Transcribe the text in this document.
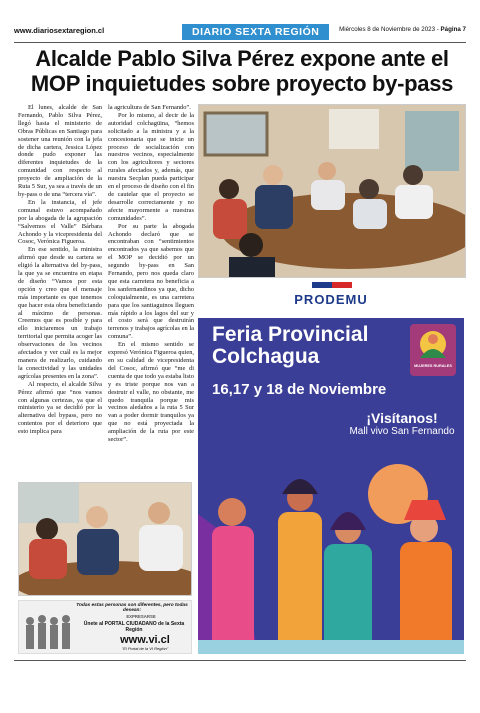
www.diariosextaregion.cl	DIARIO SEXTA REGIÓN	Miércoles 8 de Noviembre de 2023 - Página 7
Alcalde Pablo Silva Pérez expone ante el MOP inquietudes sobre proyecto by-pass

El lunes, alcalde de San Fernando, Pablo Silva Pérez, llegó hasta el ministerio de Obras Públicas en Santiago para sostener una reunión con la jefa de dicha cartera, Jessica López donde pudo exponer las diferentes inquietudes de la comunidad con respecto al proyecto de ampliación de la Ruta 5 Sur, ya sea a través de un by-pass o de una “tercera vía”.

En la instancia, el jefe comunal estuvo acompañado por la abogada de la agrupación “Salvemos el Valle” Bárbara Achondo y la vicepresidenta del Cosoc, Verónica Figueroa.

En ese sentido, la ministra afirmó que desde su cartera se eligió la alternativa del by-pass, la que ya se encuentra en etapa de diseño “Vamos por esta opción y creo que el mensaje más importante es que tenemos que hacer esta obra beneficiando al máximo de personas. Creemos que es posible y para ello iniciaremos un trabajo territorial que permita acoger las observaciones de los vecinos afectados y ver cuál es la mejor manera de realizarlo, cuidando la conectividad y las unidades agrícolas presentes en la zona”.

Al respecto, el alcalde Silva Pérez afirmó que “nos vamos con algunas certezas, ya que el ministerio ya se decidió por la alternativa del bypass, pero no contentos por el deterioro que esto implica para

la agricultura de San Fernando”.

Por lo mismo, al decir de la autoridad colchagüina, “hemos solicitado a la ministra y a la concesionaria que se inicie un proceso de socialización con nuestros vecinos, especialmente con los agricultores y sectores rurales afectados y, además, que nuestra Secplan pueda participar en el proceso de diseño con el fin de cautelar que el proyecto se desarrolle correctamente y no afecte mayormente a nuestras comunidades”.

Por su parte la abogada Achondo declaró que se encontraban con “sentimientos encontrados ya que sabemos que el MOP se decidió por un segundo by-pass en San Fernando, pero nos queda claro que esta carretera no beneficia a los sanfernandinos ya que, dicho coloquialmente, es una carretera para que los santiaguinos lleguen más rápido a los lagos del sur y el costo será que destruirán terrenos y trabajos agrícolas en la comuna”.

En el mismo sentido se expresó Verónica Figueroa quien, en su calidad de vicepresidenta del Cosoc, afirmó que “me di cuenta de que todo ya estaba listo y es triste porque nos van a destruir el valle, no obstante, me quedo tranquila porque mis vecinos aledaños a la ruta 5 Sur van a poder dormir tranquilos ya que no está proyectada la ampliación de la ruta por este sector”.

PRODEMU
Feria Provincial Colchagua
16,17 y 18 de Noviembre
MUJERES RURALES
¡Visítanos!
Mall vivo San Fernando
Todas estas personas son diferentes, pero todas desean:
EXPRESARSE
Únete al PORTAL CIUDADANO de la Sexta Región
www.vi.cl
"El Portal de la VI Región"
